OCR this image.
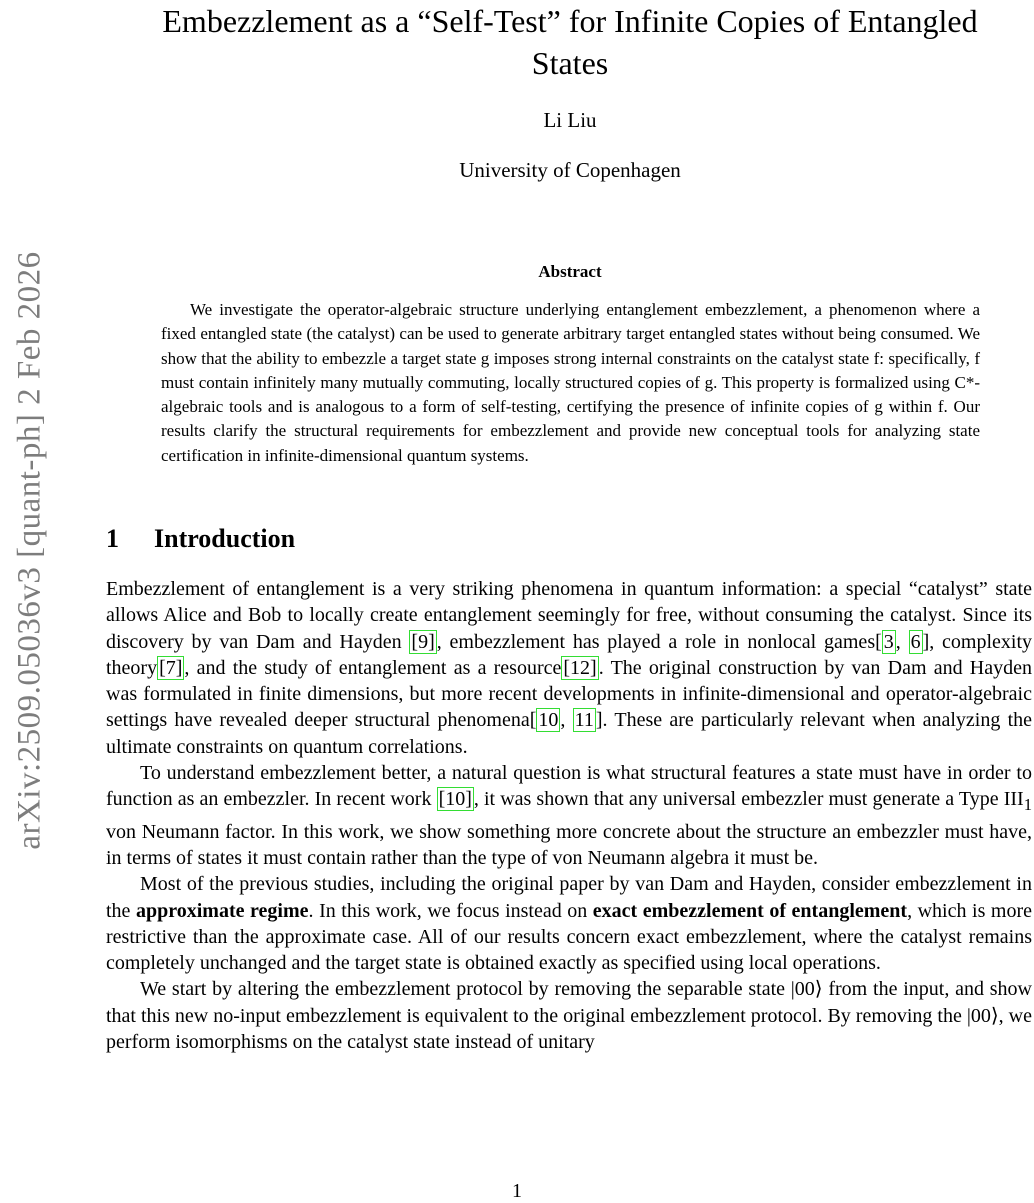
arXiv:2509.05036v3 [quant-ph] 2 Feb 2026
Embezzlement as a “Self-Test” for Infinite Copies of Entangled
States
Li Liu
University of Copenhagen
Abstract

We investigate the operator-algebraic structure underlying entanglement embezzlement, a phenomenon where a fixed entangled state (the catalyst) can be used to generate arbitrary target entangled states without being consumed. We show that the ability to embezzle a target state g imposes strong internal constraints on the catalyst state f: specifically, f must contain infinitely many mutually commuting, locally structured copies of g. This property is formalized using C*-algebraic tools and is analogous to a form of self-testing, certifying the presence of infinite copies of g within f. Our results clarify the structural requirements for embezzlement and provide new conceptual tools for analyzing state certification in infinite-dimensional quantum systems.

1 Introduction

Embezzlement of entanglement is a very striking phenomena in quantum information: a special “catalyst” state allows Alice and Bob to locally create entanglement seemingly for free, without consuming the catalyst. Since its discovery by van Dam and Hayden [9] , embezzlement has played a role in nonlocal games[ 3 , 6 ], complexity theory [7] , and the study of entanglement as a resource [12] . The original construction by van Dam and Hayden was formulated in finite dimensions, but more recent developments in infinite-dimensional and operator-algebraic settings have revealed deeper structural phenomena[ 10 , 11 ]. These are particularly relevant when analyzing the ultimate constraints on quantum correlations.

To understand embezzlement better, a natural question is what structural features a state must have in order to function as an embezzler. In recent work [10] , it was shown that any universal embezzler must generate a Type $III_1$ von Neumann factor. In this work, we show something more concrete about the structure an embezzler must have, in terms of states it must contain rather than the type of von Neumann algebra it must be.

Most of the previous studies, including the original paper by van Dam and Hayden, consider embezzlement in the approximate regime. In this work, we focus instead on exact embezzlement of entanglement, which is more restrictive than the approximate case. All of our results concern exact embezzlement, where the catalyst remains completely unchanged and the target state is obtained exactly as specified using local operations.

We start by altering the embezzlement protocol by removing the separable state |00⟩ from the input, and show that this new no-input embezzlement is equivalent to the original embezzlement protocol. By removing the |00⟩, we perform isomorphisms on the catalyst state instead of unitary

1
